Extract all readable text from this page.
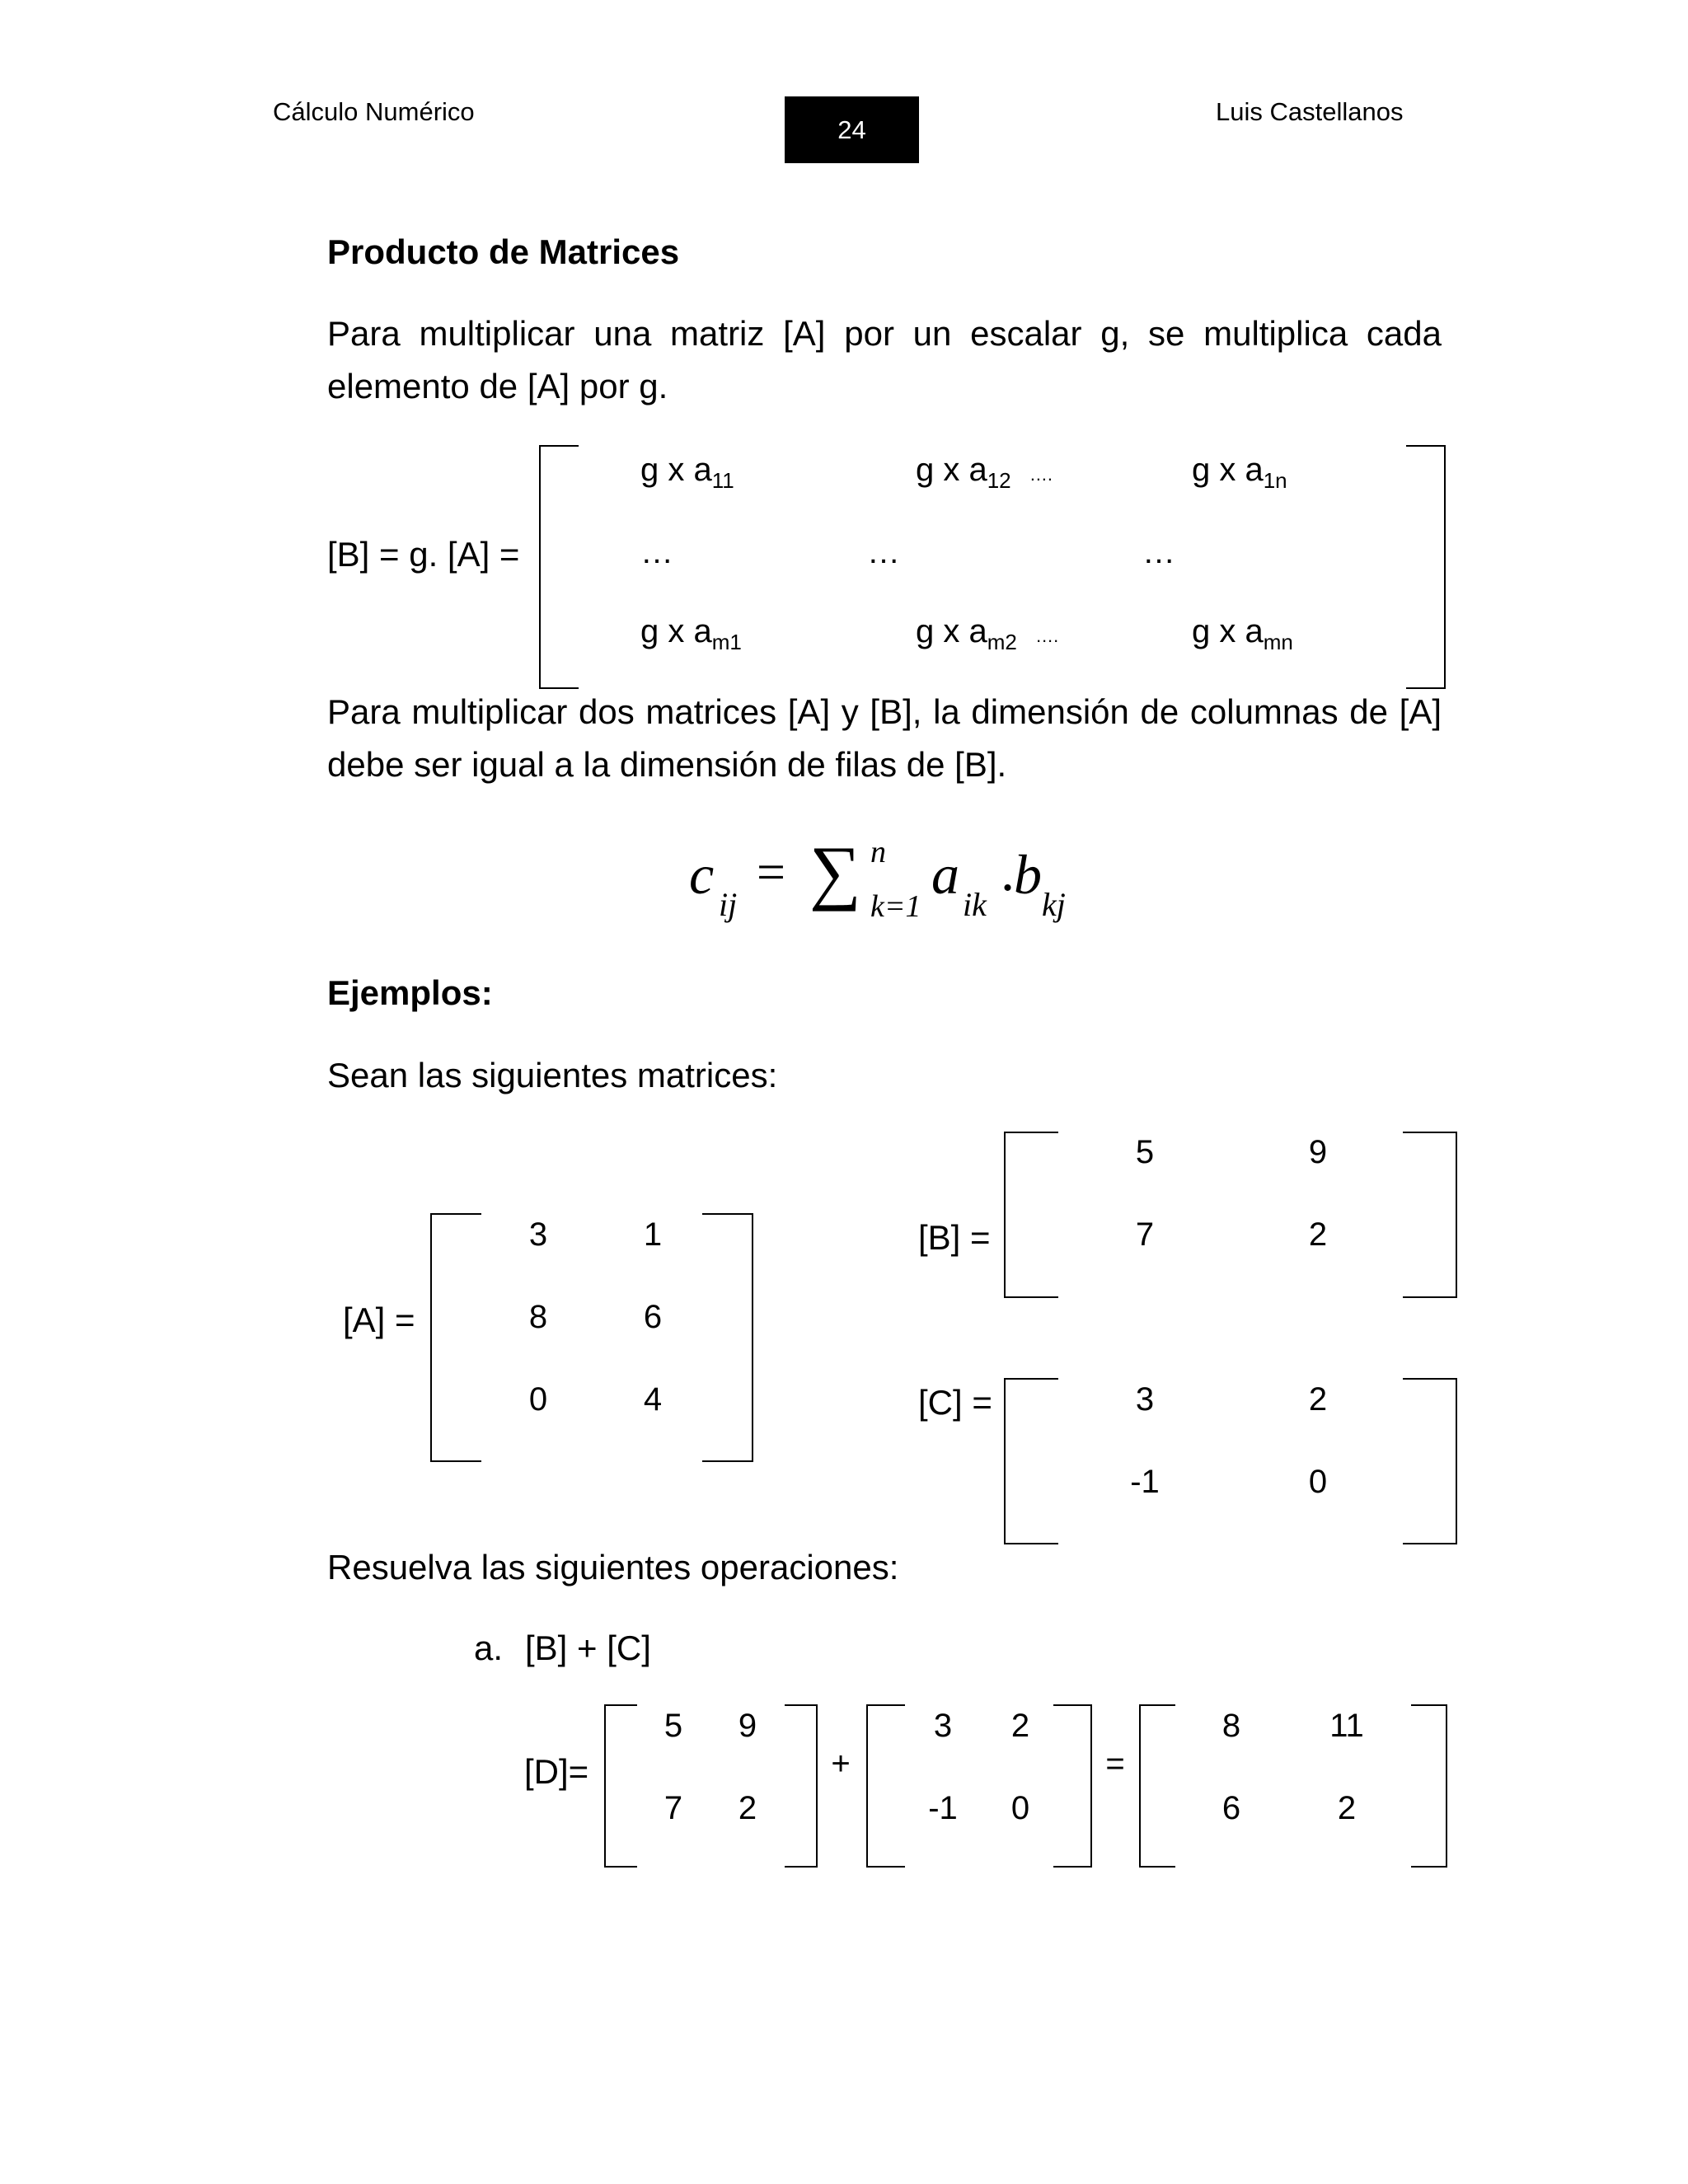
Cálculo Numérico
24
Luis Castellanos
Producto de Matrices
Para multiplicar una matriz [A] por un escalar g, se multiplica cada
elemento de [A] por g.
[B] = g. [A] =
g x $a_{11}$	g x $a_{12}$ ….	g x $a_{1n}$
…	…	…
g x $a_{m1}$	g x $a_{m2}$ ….	g x $a_{mn}$
Para multiplicar dos matrices [A] y [B], la dimensión de columnas de [A]
debe ser igual a la dimensión de filas de [B].
c ij
= ∑ n
k=1
a ik
. b kj
Ejemplos:
Sean las siguientes matrices:
[A] =
3	1
8	6
0	4
[B] =
5	9
7	2
[C] =	3	2
-1	0
Resuelva las siguientes operaciones:
a. [B] + [C]
[D]=
5 9
7 2
+
3 2
-1 0
=
8	11
6	2
